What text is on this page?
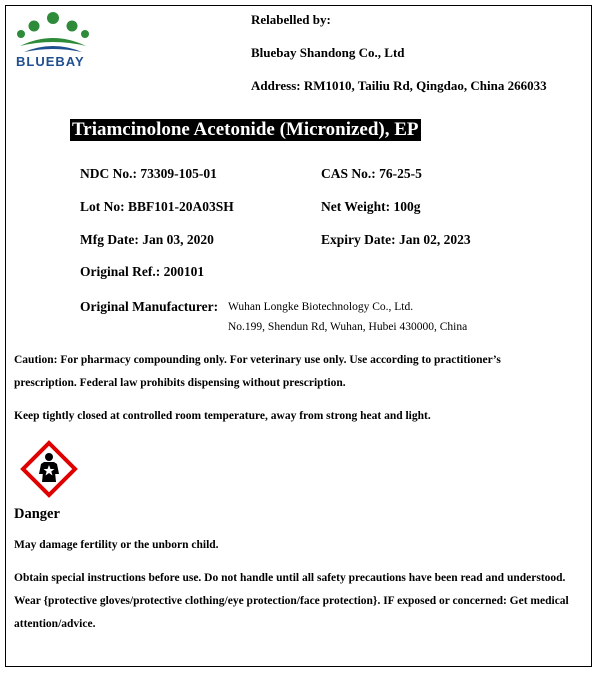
BLUEBAY
Relabelled by:
Bluebay Shandong Co., Ltd
Address: RM1010, Tailiu Rd, Qingdao, China 266033
Triamcinolone Acetonide (Micronized), EP
NDC No.: 73309-105-01	CAS No.: 76-25-5
Lot No: BBF101-20A03SH	Net Weight: 100g
Mfg Date: Jan 03, 2020	Expiry Date: Jan 02, 2023
Original Ref.: 200101
Original Manufacturer: Wuhan Longke Biotechnology Co., Ltd.
No.199, Shendun Rd, Wuhan, Hubei 430000, China
Caution: For pharmacy compounding only. For veterinary use only. Use according to practitioner’s prescription. Federal law prohibits dispensing without prescription.
Keep tightly closed at controlled room temperature, away from strong heat and light.
Danger
May damage fertility or the unborn child.
Obtain special instructions before use. Do not handle until all safety precautions have been read and understood. Wear {protective gloves/protective clothing/eye protection/face protection}. IF exposed or concerned: Get medical attention/advice.
